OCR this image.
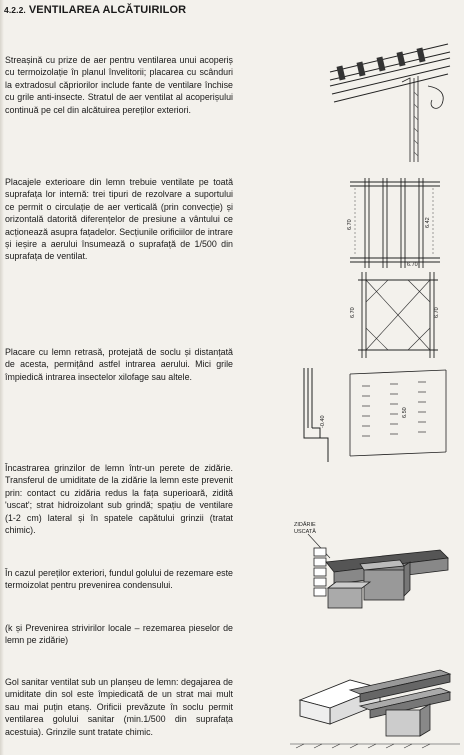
4.2.2. VENTILAREA ALCĂTUIRILOR

Streașină cu prize de aer pentru ventilarea unui acoperiș cu termoizolație în planul învelitorii; placarea cu scânduri la extradosul căpriorilor include fante de ventilare închise cu grile anti-insecte. Stratul de aer ventilat al acoperișului continuă pe cel din alcătuirea pereților exteriori.

Placajele exterioare din lemn trebuie ventilate pe toată suprafața lor internă: trei tipuri de rezolvare a suportului ce permit o circulație de aer verticală (prin convecție) și orizontală datorită diferențelor de presiune a vântului ce acționează asupra fațadelor. Secțiunile orificiilor de intrare și ieșire a aerului însumează o suprafață de 1/500 din suprafața de ventilat.

Placare cu lemn retrasă, protejată de soclu și distanțată de acesta, permițând astfel intrarea aerului. Mici grile împiedică intrarea insectelor xilofage sau altele.

Încastrarea grinzilor de lemn într-un perete de zidărie. Transferul de umiditate de la zidărie la lemn este prevenit prin: contact cu zidăria redus la fața superioară, zidită 'uscat'; strat hidroizolant sub grindă; spațiu de ventilare (1-2 cm) lateral și în spatele capătului grinzii (tratat chimic).

În cazul pereților exteriori, fundul golului de rezemare este termoizolat pentru prevenirea condensului.

(k și Prevenirea strivirilor locale – rezemarea pieselor de lemn pe zidărie)

Gol sanitar ventilat sub un planșeu de lemn: degajarea de umiditate din sol este împiedicată de un strat mai mult sau mai puțin etanș. Orificii prevăzute în soclu permit ventilarea golului sanitar (min.1/500 din suprafața acestuia). Grinzile sunt tratate chimic.

6.70
6.70
6.42
6.70	6.70
6.50
-0.40
ZIDĂRIE
USCATĂ
